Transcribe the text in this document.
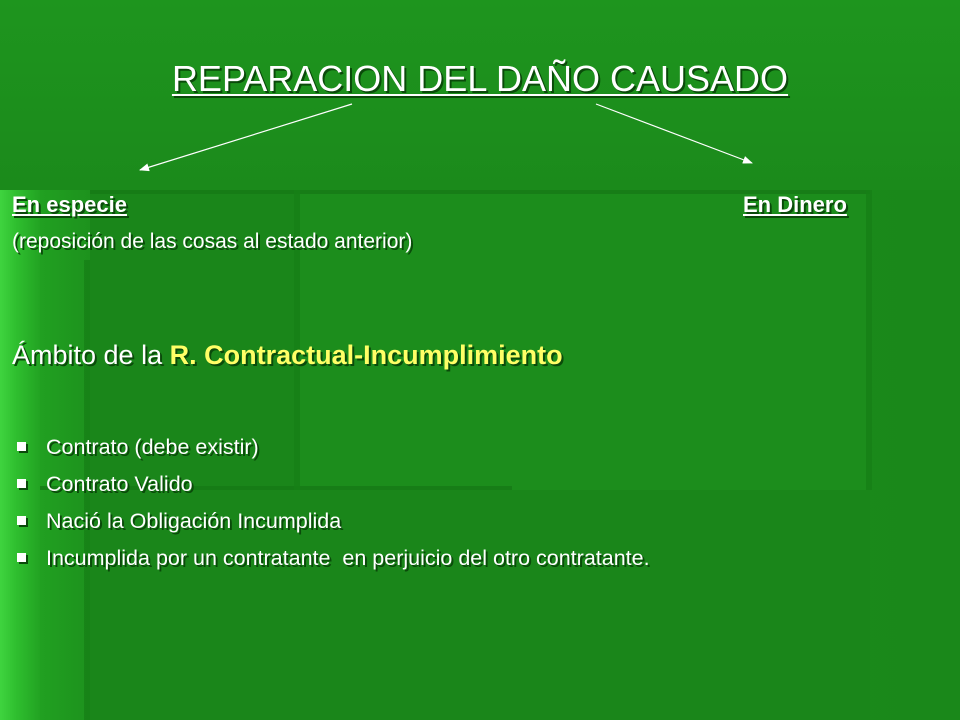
REPARACION DEL DAÑO CAUSADO
En especie	En Dinero
(reposición de las cosas al estado anterior)
Ámbito de la R. Contractual-Incumplimiento
Contrato (debe existir)
Contrato Valido
Nació la Obligación Incumplida
Incumplida por un contratante  en perjuicio del otro contratante.
